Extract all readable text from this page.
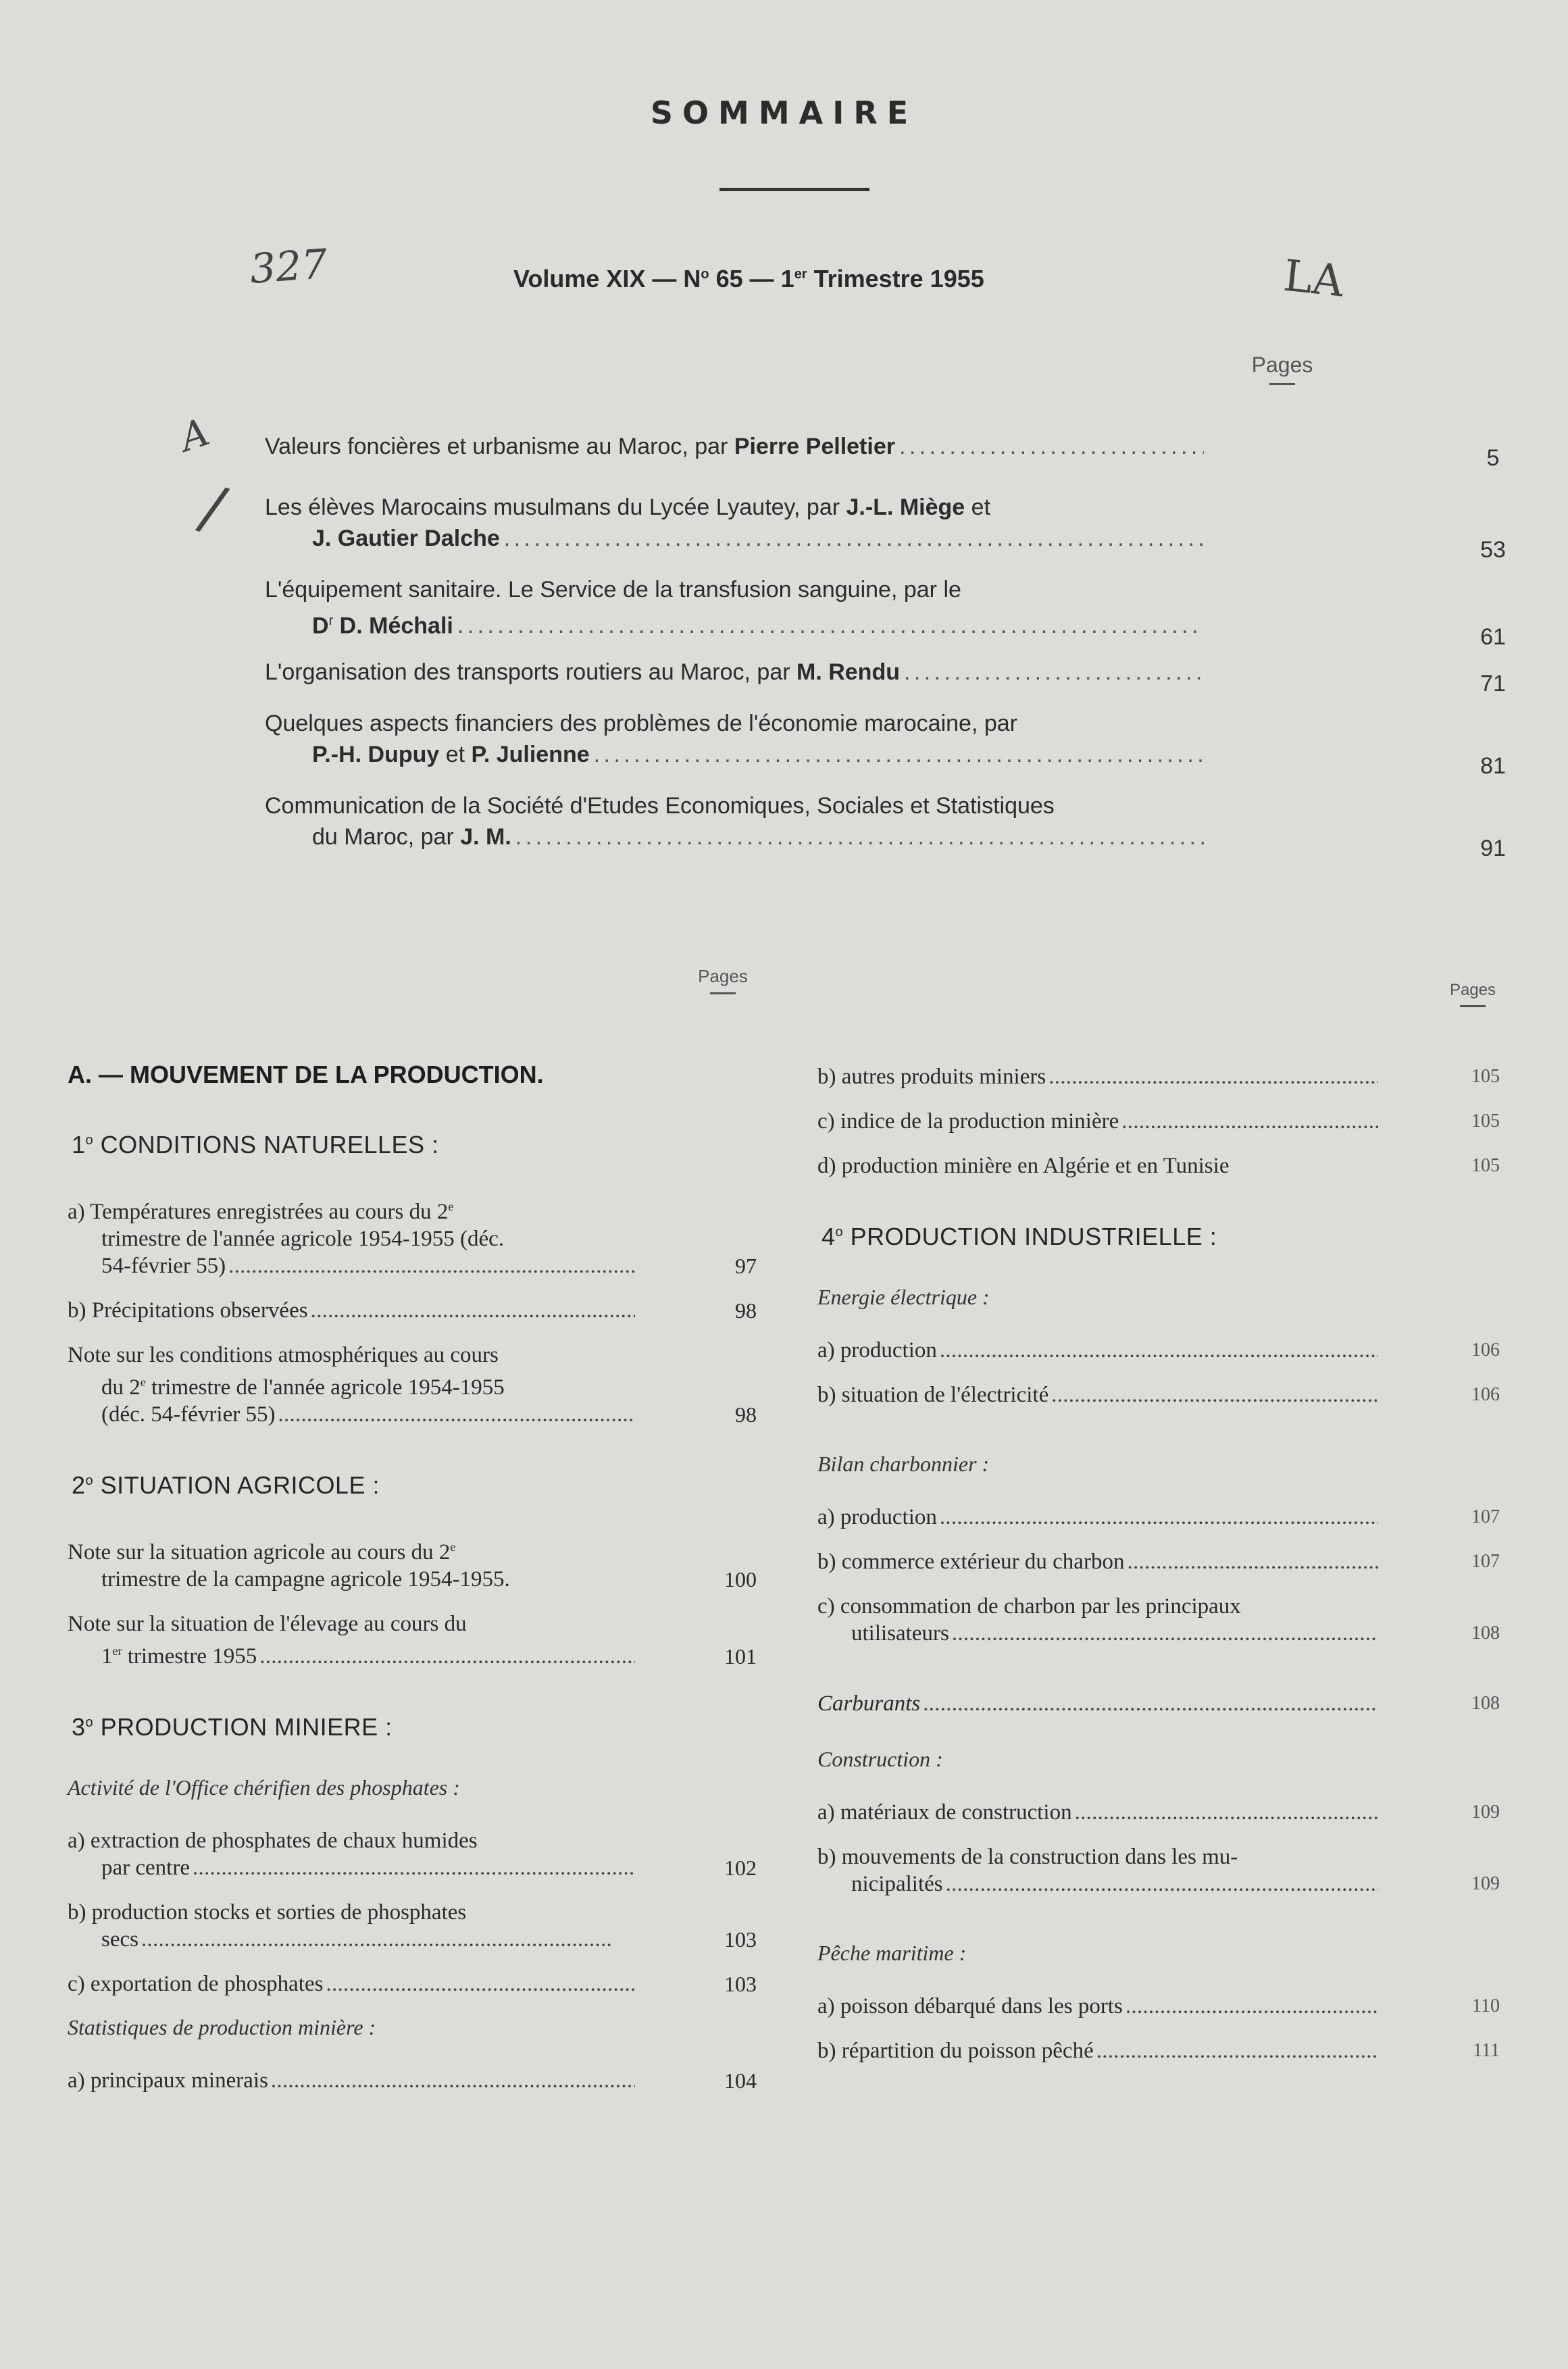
SOMMAIRE
327	LA
A
/
Volume XIX — $N^o$ 65 — 1er Trimestre 1955
Pages
Valeurs foncières et urbanisme au Maroc, par Pierre Pelletier . . .	5
Les élèves Marocains musulmans du Lycée Lyautey, par J.-L. Miège et
J. Gautier Dalche . . .	53
L'équipement sanitaire. Le Service de la transfusion sanguine, par le
$D^r$ D. Méchali . . .	61
L'organisation des transports routiers au Maroc, par M. Rendu . . .	71
Quelques aspects financiers des problèmes de l'économie marocaine, par
P.-H. Dupuy et P. Julienne . . .	81
Communication de la Société d'Etudes Economiques, Sociales et Statistiques
du Maroc, par J. M. . . .	91
Pages
Pages
A. — MOUVEMENT DE LA PRODUCTION.
1$^o$ CONDITIONS NATURELLES :
a) Températures enregistrées au cours du 2e
trimestre de l'année agricole 1954-1955 (déc.
54-février 55) . . .	97
b) Précipitations observées . . .	98
Note sur les conditions atmosphériques au cours
du 2e trimestre de l'année agricole 1954-1955
(déc. 54-février 55) . . .	98
2$^o$ SITUATION AGRICOLE :
Note sur la situation agricole au cours du 2e
trimestre de la campagne agricole 1954-1955.	100
Note sur la situation de l'élevage au cours du
1er trimestre 1955 . . .	101
3$^o$ PRODUCTION MINIERE :
Activité de l'Office chérifien des phosphates :
a) extraction de phosphates de chaux humides
par centre . . .	102
b) production stocks et sorties de phosphates
secs . . .	103
c) exportation de phosphates . . .	103
Statistiques de production minière :
a) principaux minerais . . .	104
b) autres produits miniers . . .	105
c) indice de la production minière . . .	105
d) production minière en Algérie et en Tunisie	105
4$^o$ PRODUCTION INDUSTRIELLE :
Energie électrique :
a) production . . .	106
b) situation de l'électricité . . .	106
Bilan charbonnier :
a) production . . .	107
b) commerce extérieur du charbon . . .	107
c) consommation de charbon par les principaux
utilisateurs . . .	108
Carburants . . .	108
Construction :
a) matériaux de construction . . .	109
b) mouvements de la construction dans les mu-
nicipalités . . .	109
Pêche maritime :
a) poisson débarqué dans les ports . . .	110
b) répartition du poisson pêché . . .	111
